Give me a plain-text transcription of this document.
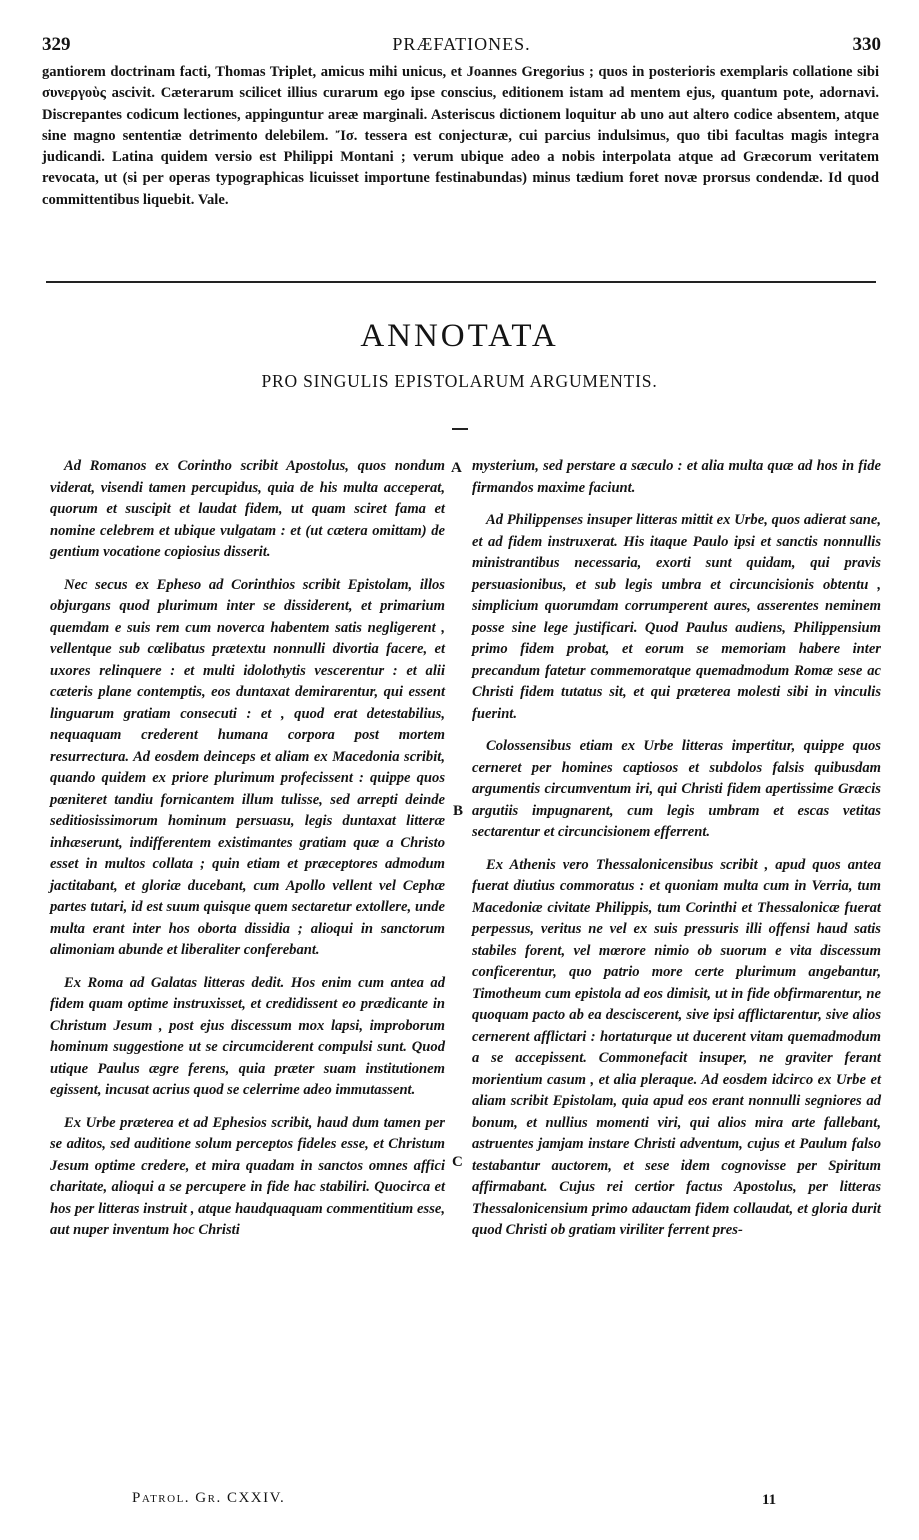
329	PRÆFATIONES.	330
gantiorem doctrinam facti, Thomas Triplet, amicus mihi unicus, et Joannes Gregorius ; quos in posterioris exemplaris collatione sibi συνεργοὺς ascivit. Cæterarum scilicet illius curarum ego ipse conscius, editionem istam ad mentem ejus, quantum pote, adornavi. Discrepantes codicum lectiones, appinguntur areæ marginali. Asteriscus dictionem loquitur ab uno aut altero codice absentem, atque sine magno sententiæ detrimento delebilem. Ἴσ. tessera est conjecturæ, cui parcius indulsimus, quo tibi facultas magis integra judicandi. Latina quidem versio est Philippi Montani ; verum ubique adeo a nobis interpolata atque ad Græcorum veritatem revocata, ut (si per operas typographicas licuisset importune festinabundas) minus tædium foret novæ prorsus condendæ. Id quod committentibus liquebit. Vale.
ANNOTATA
PRO SINGULIS EPISTOLARUM ARGUMENTIS.

Ad Romanos ex Corintho scribit Apostolus, quos nondum viderat, visendi tamen percupidus, quia de his multa acceperat, quorum et suscipit et laudat fidem, ut quam sciret fama et nomine celebrem et ubique vulgatam : et (ut cætera omittam) de gentium vocatione copiosius disserit.

Nec secus ex Epheso ad Corinthios scribit Epistolam, illos objurgans quod plurimum inter se dissiderent, et primarium quemdam e suis rem cum noverca habentem satis negligerent , vellentque sub cœlibatus prætextu nonnulli divortia facere, et uxores relinquere : et multi idolothytis vescerentur : et alii cæteris plane contemptis, eos duntaxat demirarentur, qui essent linguarum gratiam consecuti : et , quod erat detestabilius, nequaquam crederent humana corpora post mortem resurrectura. Ad eosdem deinceps et aliam ex Macedonia scribit, quando quidem ex priore plurimum profecissent : quippe quos pœniteret tandiu fornicantem illum tulisse, sed arrepti deinde seditiosissimorum hominum persuasu, legis duntaxat litteræ inhæserunt, indifferentem existimantes gratiam quæ a Christo esset in multos collata ; quin etiam et præceptores admodum jactitabant, et gloriæ ducebant, cum Apollo vellent vel Cephæ partes tutari, id est suum quisque quem sectaretur extollere, unde multa erant inter hos oborta dissidia ; alioqui in sanctorum alimoniam abunde et liberaliter conferebant.

Ex Roma ad Galatas litteras dedit. Hos enim cum antea ad fidem quam optime instruxisset, et credidissent eo prædicante in Christum Jesum , post ejus discessum mox lapsi, improborum hominum suggestione ut se circumciderent compulsi sunt. Quod utique Paulus ægre ferens, quia præter suam institutionem egissent, incusat acrius quod se celerrime adeo immutassent.

Ex Urbe præterea et ad Ephesios scribit, haud dum tamen per se aditos, sed auditione solum perceptos fideles esse, et Christum Jesum optime credere, et mira quadam in sanctos omnes affici charitate, alioqui a se percupere in fide hac stabiliri. Quocirca et hos per litteras instruit , atque haudquaquam commentitium esse, aut nuper inventum hoc Christi

A
B
C

mysterium, sed perstare a sæculo : et alia multa quæ ad hos in fide firmandos maxime faciunt.

Ad Philippenses insuper litteras mittit ex Urbe, quos adierat sane, et ad fidem instruxerat. His itaque Paulo ipsi et sanctis nonnullis ministrantibus necessaria, exorti sunt quidam, qui pravis persuasionibus, et sub legis umbra et circuncisionis obtentu , simplicium quorumdam corrumperent aures, asserentes neminem posse sine lege justificari. Quod Paulus audiens, Philippensium primo fidem probat, et eorum se memoriam habere inter precandum fatetur commemoratque quemadmodum Romæ sese ac Christi fidem tutatus sit, et qui præterea molesti sibi in vinculis fuerint.

Colossensibus etiam ex Urbe litteras impertitur, quippe quos cerneret per homines captiosos et subdolos falsis quibusdam argumentis circumventum iri, qui Christi fidem apertissime Græcis argutiis impugnarent, cum legis umbram et escas vetitas sectarentur et circuncisionem efferrent.

Ex Athenis vero Thessalonicensibus scribit , apud quos antea fuerat diutius commoratus : et quoniam multa cum in Verria, tum Macedoniæ civitate Philippis, tum Corinthi et Thessalonicæ fuerat perpessus, veritus ne vel ex suis pressuris illi offensi haud satis stabiles forent, vel mœrore nimio ob suorum e vita discessum conficerentur, quo patrio more certe plurimum angebantur, Timotheum cum epistola ad eos dimisit, ut in fide obfirmarentur, ne quoquam pacto ab ea desciscerent, sive ipsi afflictarentur, sive alios cernerent afflictari : hortaturque ut ducerent vitam quemadmodum a se accepissent. Commonefacit insuper, ne graviter ferant morientium casum , et alia pleraque. Ad eosdem idcirco ex Urbe et aliam scribit Epistolam, quia apud eos erant nonnulli segniores ad bonum, et nullius momenti viri, qui alios mira arte fallebant, astruentes jamjam instare Christi adventum, cujus et Paulum falso testabantur auctorem, et sese idem cognovisse per Spiritum affirmabant. Cujus rei certior factus Apostolus, per litteras Thessalonicensium primo adauctam fidem collaudat, et gloria durit quod Christi ob gratiam viriliter ferrent pres-

Patrol. Gr. CXXIV.	11
